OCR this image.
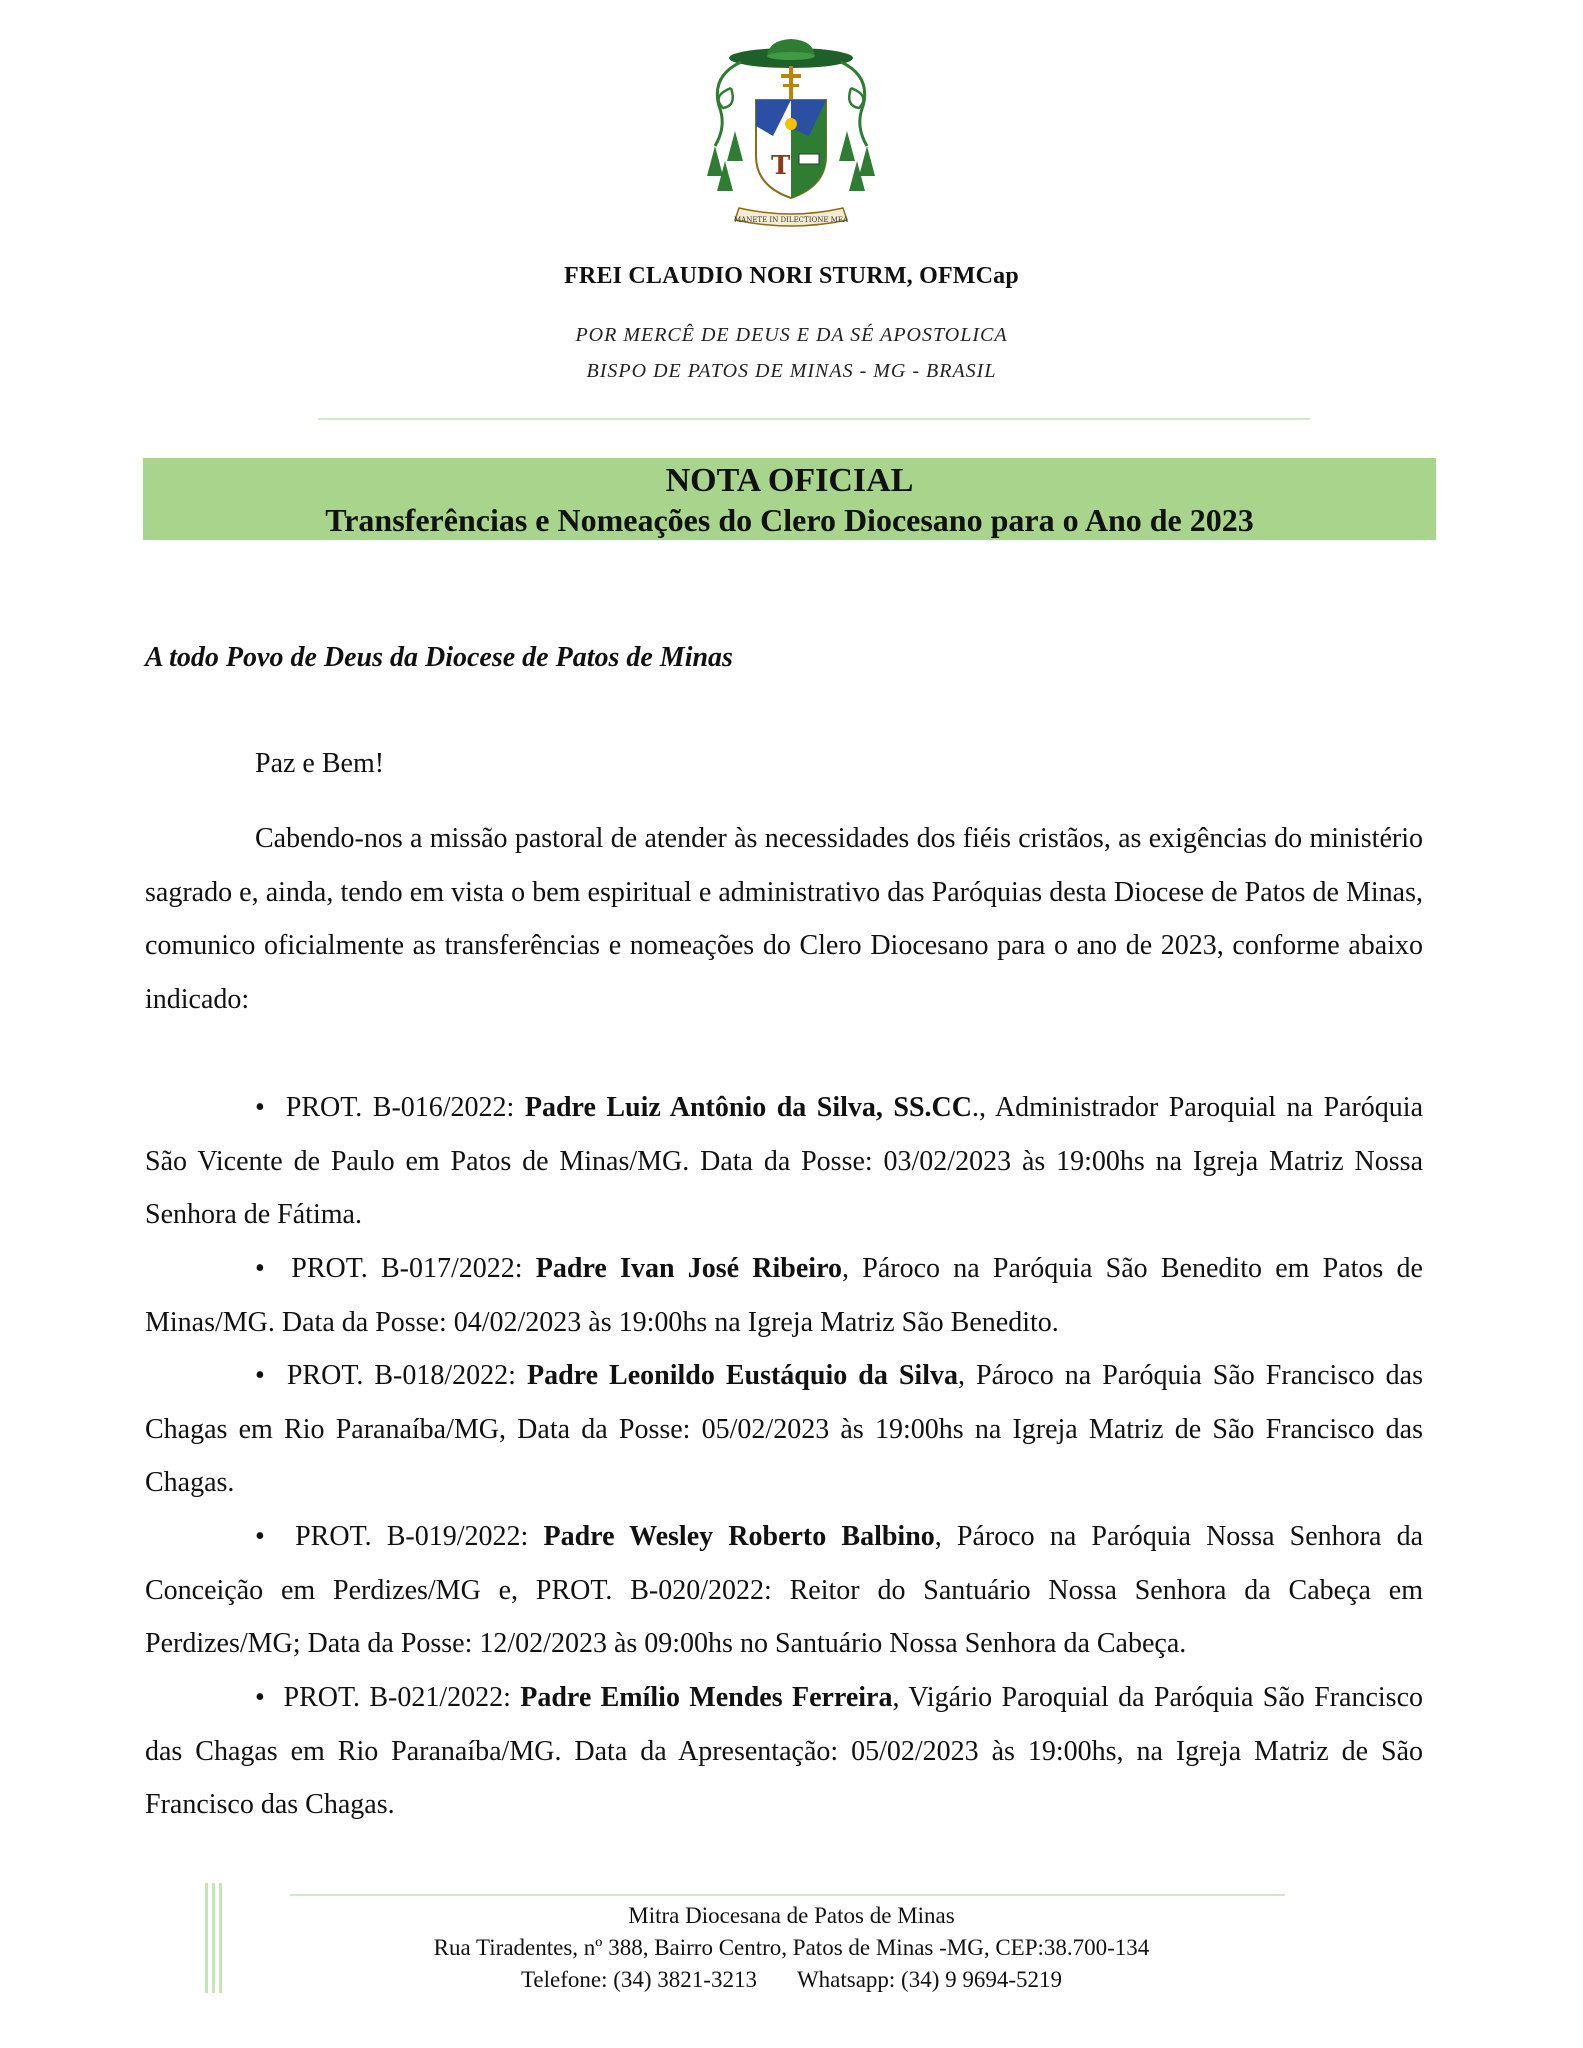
T
MANETE IN DILECTIONE MEA
FREI CLAUDIO NORI STURM, OFMCap
POR MERCÊ DE DEUS E DA SÉ APOSTOLICA
BISPO DE PATOS DE MINAS - MG - BRASIL
NOTA OFICIAL
Transferências e Nomeações do Clero Diocesano para o Ano de 2023
A todo Povo de Deus da Diocese de Patos de Minas
Paz e Bem!

Cabendo-nos a missão pastoral de atender às necessidades dos fiéis cristãos, as exigências do ministério sagrado e, ainda, tendo em vista o bem espiritual e administrativo das Paróquias desta Diocese de Patos de Minas, comunico oficialmente as transferências e nomeações do Clero Diocesano para o ano de 2023, conforme abaixo indicado:

• PROT. B-016/2022: Padre Luiz Antônio da Silva, SS.CC., Administrador Paroquial na Paróquia São Vicente de Paulo em Patos de Minas/MG. Data da Posse: 03/02/2023 às 19:00hs na Igreja Matriz Nossa Senhora de Fátima.

• PROT. B-017/2022: Padre Ivan José Ribeiro, Pároco na Paróquia São Benedito em Patos de Minas/MG. Data da Posse: 04/02/2023 às 19:00hs na Igreja Matriz São Benedito.

• PROT. B-018/2022: Padre Leonildo Eustáquio da Silva, Pároco na Paróquia São Francisco das Chagas em Rio Paranaíba/MG, Data da Posse: 05/02/2023 às 19:00hs na Igreja Matriz de São Francisco das Chagas.

• PROT. B-019/2022: Padre Wesley Roberto Balbino, Pároco na Paróquia Nossa Senhora da Conceição em Perdizes/MG e, PROT. B-020/2022: Reitor do Santuário Nossa Senhora da Cabeça em Perdizes/MG; Data da Posse: 12/02/2023 às 09:00hs no Santuário Nossa Senhora da Cabeça.

• PROT. B-021/2022: Padre Emílio Mendes Ferreira, Vigário Paroquial da Paróquia São Francisco das Chagas em Rio Paranaíba/MG. Data da Apresentação: 05/02/2023 às 19:00hs, na Igreja Matriz de São Francisco das Chagas.

Mitra Diocesana de Patos de Minas
Rua Tiradentes, nº 388, Bairro Centro, Patos de Minas -MG, CEP:38.700-134
Telefone: (34) 3821-3213 Whatsapp: (34) 9 9694-5219
